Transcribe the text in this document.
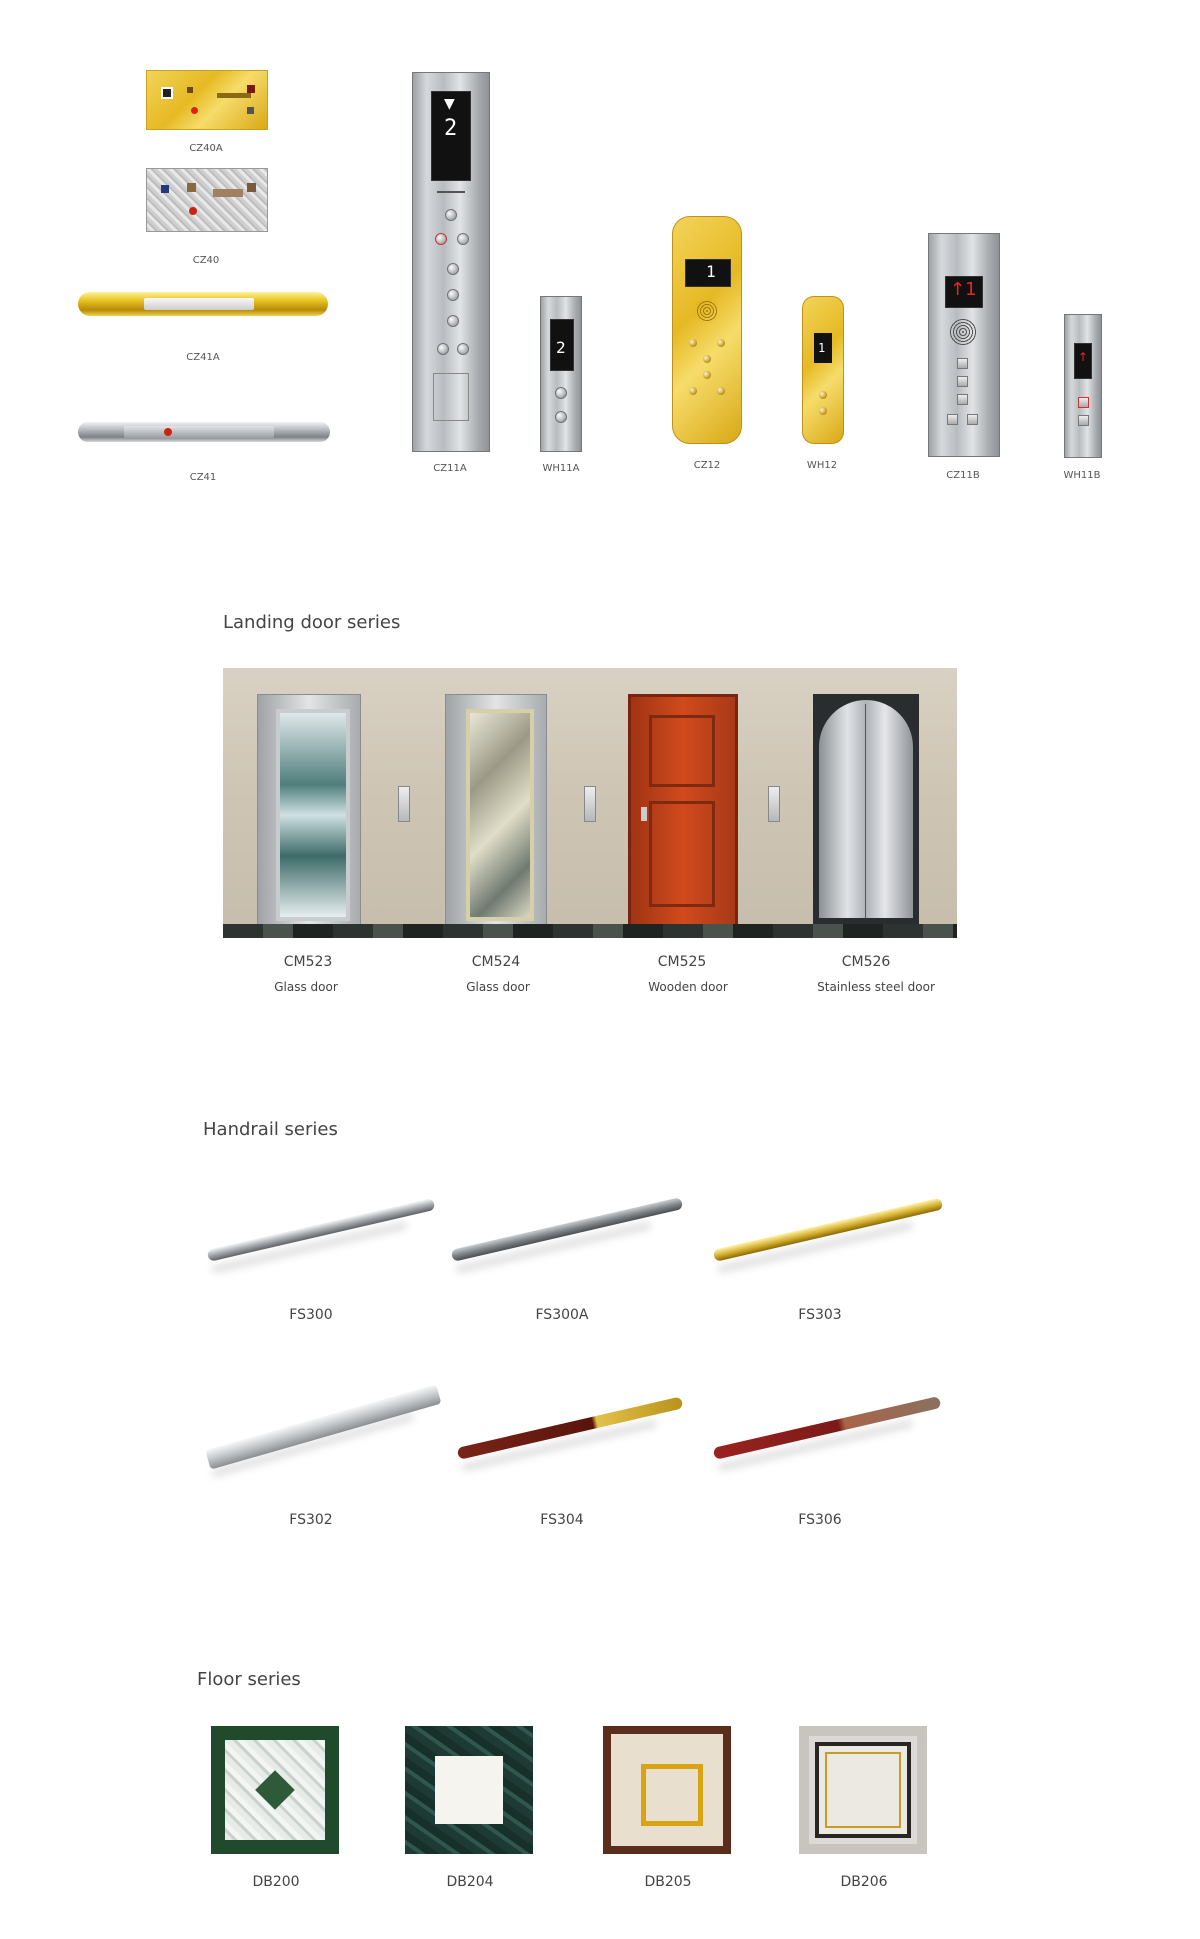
CZ40A
CZ40
CZ41A
CZ41
▼
2
CZ11A
2
WH11A
1
CZ12
1
WH12
↑1
CZ11B
↑
WH11B
Landing door series
CM523
Glass door
CM524
Glass door
CM525
Wooden door
CM526
Stainless steel door
Handrail series
FS300	FS300A	FS303
FS302	FS304	FS306
Floor series
DB200	DB204	DB205	DB206
